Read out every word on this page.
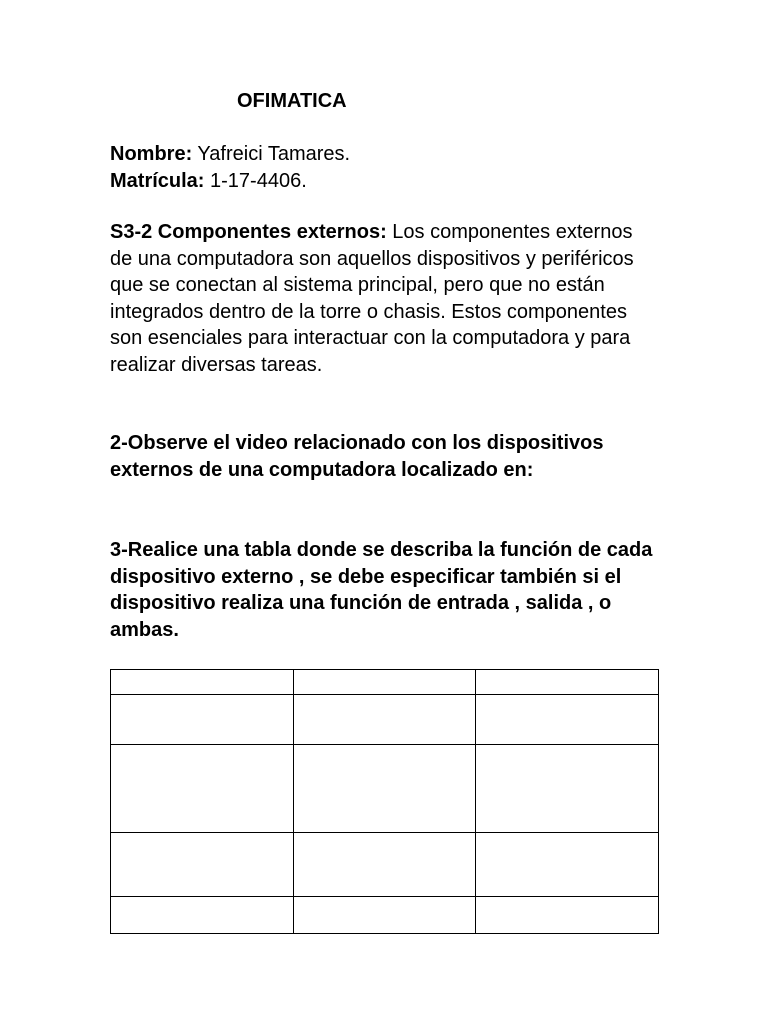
OFIMATICA

Nombre: Yafreici Tamares.

Matrícula: 1-17-4406.

S3-2 Componentes externos: Los componentes externos de una computadora son aquellos dispositivos y periféricos que se conectan al sistema principal, pero que no están integrados dentro de la torre o chasis. Estos componentes son esenciales para interactuar con la computadora y para realizar diversas tareas.

2-Observe el video relacionado con los dispositivos externos de una computadora localizado en:

3-Realice una tabla donde se describa la función de cada dispositivo externo , se debe especificar también si el dispositivo realiza una función de entrada , salida , o ambas.
